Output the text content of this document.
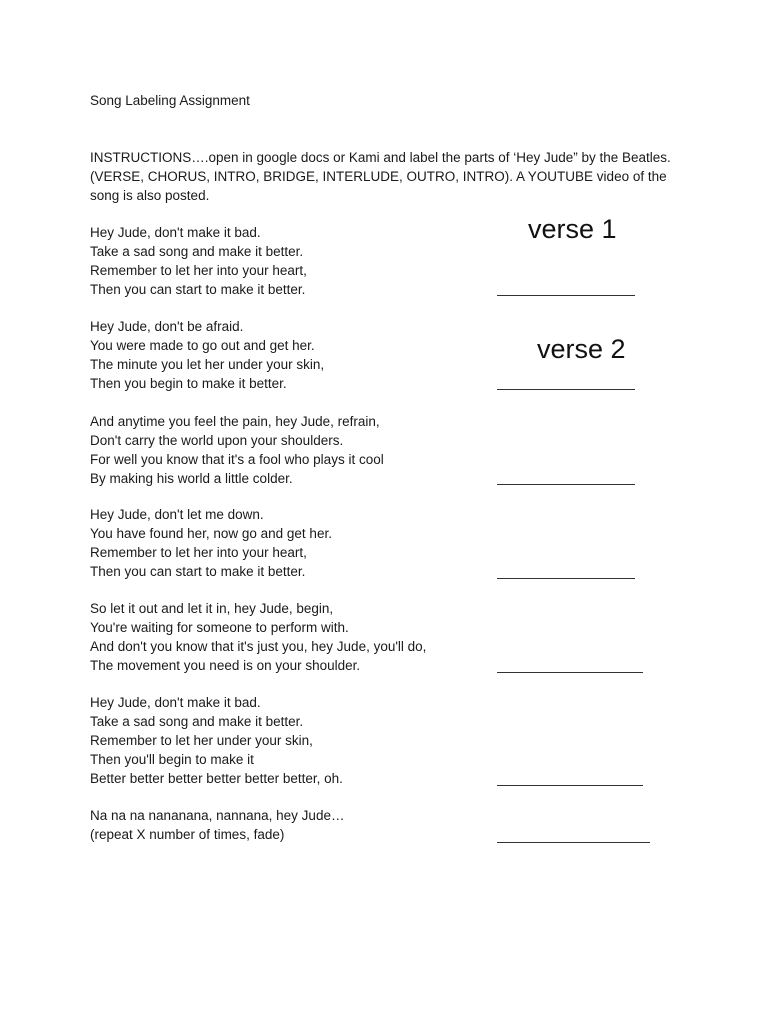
Song Labeling Assignment
INSTRUCTIONS….open in google docs or Kami and label the parts of ‘Hey Jude” by the Beatles. (VERSE, CHORUS, INTRO, BRIDGE, INTERLUDE, OUTRO, INTRO). A YOUTUBE video of the song is also posted.
Hey Jude, don't make it bad.
Take a sad song and make it better.
Remember to let her into your heart,
Then you can start to make it better.
verse 1
Hey Jude, don't be afraid.
You were made to go out and get her.
The minute you let her under your skin,
Then you begin to make it better.
verse 2
And anytime you feel the pain, hey Jude, refrain,
Don't carry the world upon your shoulders.
For well you know that it's a fool who plays it cool
By making his world a little colder.
Hey Jude, don't let me down.
You have found her, now go and get her.
Remember to let her into your heart,
Then you can start to make it better.
So let it out and let it in, hey Jude, begin,
You're waiting for someone to perform with.
And don't you know that it's just you, hey Jude, you'll do,
The movement you need is on your shoulder.
Hey Jude, don't make it bad.
Take a sad song and make it better.
Remember to let her under your skin,
Then you'll begin to make it
Better better better better better better, oh.
Na na na nananana, nannana, hey Jude…
(repeat X number of times, fade)
